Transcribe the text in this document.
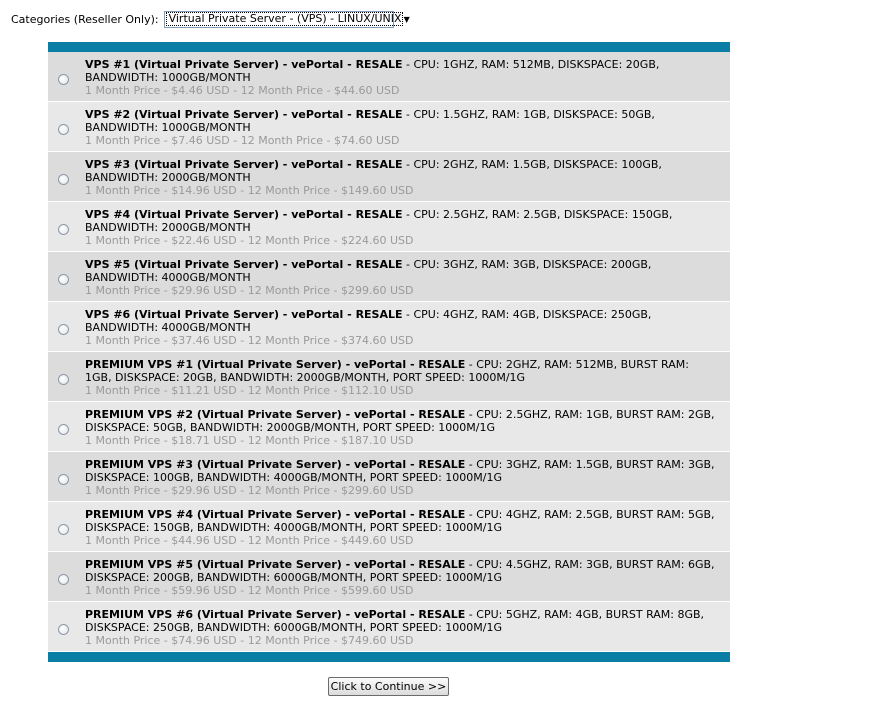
Categories (Reseller Only): Virtual Private Server - (VPS) - LINUX/UNIX ▼
VPS #1 (Virtual Private Server) - vePortal - RESALE - CPU: 1GHZ, RAM: 512MB, DISKSPACE: 20GB, BANDWIDTH: 1000GB/MONTH
1 Month Price - $4.46 USD - 12 Month Price - $44.60 USD
VPS #2 (Virtual Private Server) - vePortal - RESALE - CPU: 1.5GHZ, RAM: 1GB, DISKSPACE: 50GB, BANDWIDTH: 1000GB/MONTH
1 Month Price - $7.46 USD - 12 Month Price - $74.60 USD
VPS #3 (Virtual Private Server) - vePortal - RESALE - CPU: 2GHZ, RAM: 1.5GB, DISKSPACE: 100GB, BANDWIDTH: 2000GB/MONTH
1 Month Price - $14.96 USD - 12 Month Price - $149.60 USD
VPS #4 (Virtual Private Server) - vePortal - RESALE - CPU: 2.5GHZ, RAM: 2.5GB, DISKSPACE: 150GB, BANDWIDTH: 2000GB/MONTH
1 Month Price - $22.46 USD - 12 Month Price - $224.60 USD
VPS #5 (Virtual Private Server) - vePortal - RESALE - CPU: 3GHZ, RAM: 3GB, DISKSPACE: 200GB, BANDWIDTH: 4000GB/MONTH
1 Month Price - $29.96 USD - 12 Month Price - $299.60 USD
VPS #6 (Virtual Private Server) - vePortal - RESALE - CPU: 4GHZ, RAM: 4GB, DISKSPACE: 250GB, BANDWIDTH: 4000GB/MONTH
1 Month Price - $37.46 USD - 12 Month Price - $374.60 USD
PREMIUM VPS #1 (Virtual Private Server) - vePortal - RESALE - CPU: 2GHZ, RAM: 512MB, BURST RAM: 1GB, DISKSPACE: 20GB, BANDWIDTH: 2000GB/MONTH, PORT SPEED: 1000M/1G
1 Month Price - $11.21 USD - 12 Month Price - $112.10 USD
PREMIUM VPS #2 (Virtual Private Server) - vePortal - RESALE - CPU: 2.5GHZ, RAM: 1GB, BURST RAM: 2GB, DISKSPACE: 50GB, BANDWIDTH: 2000GB/MONTH, PORT SPEED: 1000M/1G
1 Month Price - $18.71 USD - 12 Month Price - $187.10 USD
PREMIUM VPS #3 (Virtual Private Server) - vePortal - RESALE - CPU: 3GHZ, RAM: 1.5GB, BURST RAM: 3GB, DISKSPACE: 100GB, BANDWIDTH: 4000GB/MONTH, PORT SPEED: 1000M/1G
1 Month Price - $29.96 USD - 12 Month Price - $299.60 USD
PREMIUM VPS #4 (Virtual Private Server) - vePortal - RESALE - CPU: 4GHZ, RAM: 2.5GB, BURST RAM: 5GB, DISKSPACE: 150GB, BANDWIDTH: 4000GB/MONTH, PORT SPEED: 1000M/1G
1 Month Price - $44.96 USD - 12 Month Price - $449.60 USD
PREMIUM VPS #5 (Virtual Private Server) - vePortal - RESALE - CPU: 4.5GHZ, RAM: 3GB, BURST RAM: 6GB, DISKSPACE: 200GB, BANDWIDTH: 6000GB/MONTH, PORT SPEED: 1000M/1G
1 Month Price - $59.96 USD - 12 Month Price - $599.60 USD
PREMIUM VPS #6 (Virtual Private Server) - vePortal - RESALE - CPU: 5GHZ, RAM: 4GB, BURST RAM: 8GB, DISKSPACE: 250GB, BANDWIDTH: 6000GB/MONTH, PORT SPEED: 1000M/1G
1 Month Price - $74.96 USD - 12 Month Price - $749.60 USD
Click to Continue >>
